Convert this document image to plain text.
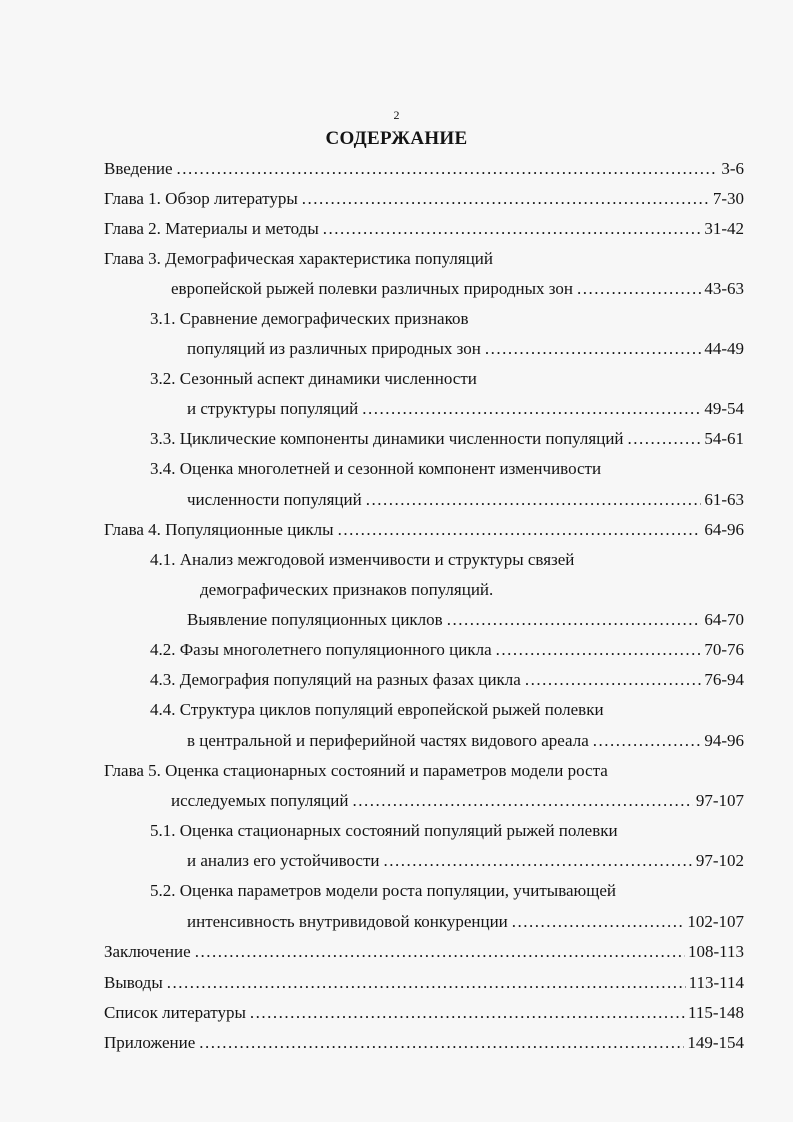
2
СОДЕРЖАНИЕ
Введение .....	3-6
Глава 1. Обзор литературы .....	7-30
Глава 2. Материалы и методы .....	31-42
Глава 3. Демографическая характеристика популяций
европейской рыжей полевки различных природных зон .....	43-63
3.1. Сравнение демографических признаков
популяций из различных природных зон .....	44-49
3.2. Сезонный аспект динамики численности
и структуры популяций .....	49-54
3.3. Циклические компоненты динамики численности популяций .....	54-61
3.4. Оценка многолетней и сезонной компонент изменчивости
численности популяций .....	61-63
Глава 4. Популяционные циклы .....	64-96
4.1. Анализ межгодовой изменчивости и структуры связей
демографических признаков популяций.
Выявление популяционных циклов .....	64-70
4.2. Фазы многолетнего популяционного цикла .....	70-76
4.3. Демография популяций на разных фазах цикла .....	76-94
4.4. Структура циклов популяций европейской рыжей полевки
в центральной и периферийной частях видового ареала .....	94-96
Глава 5. Оценка стационарных состояний и параметров модели роста
исследуемых популяций .....	97-107
5.1. Оценка стационарных состояний популяций рыжей полевки
и анализ его устойчивости .....	97-102
5.2. Оценка параметров модели роста популяции, учитывающей
интенсивность внутривидовой конкуренции .....	102-107
Заключение .....	108-113
Выводы .....	113-114
Список литературы .....	115-148
Приложение .....	149-154
